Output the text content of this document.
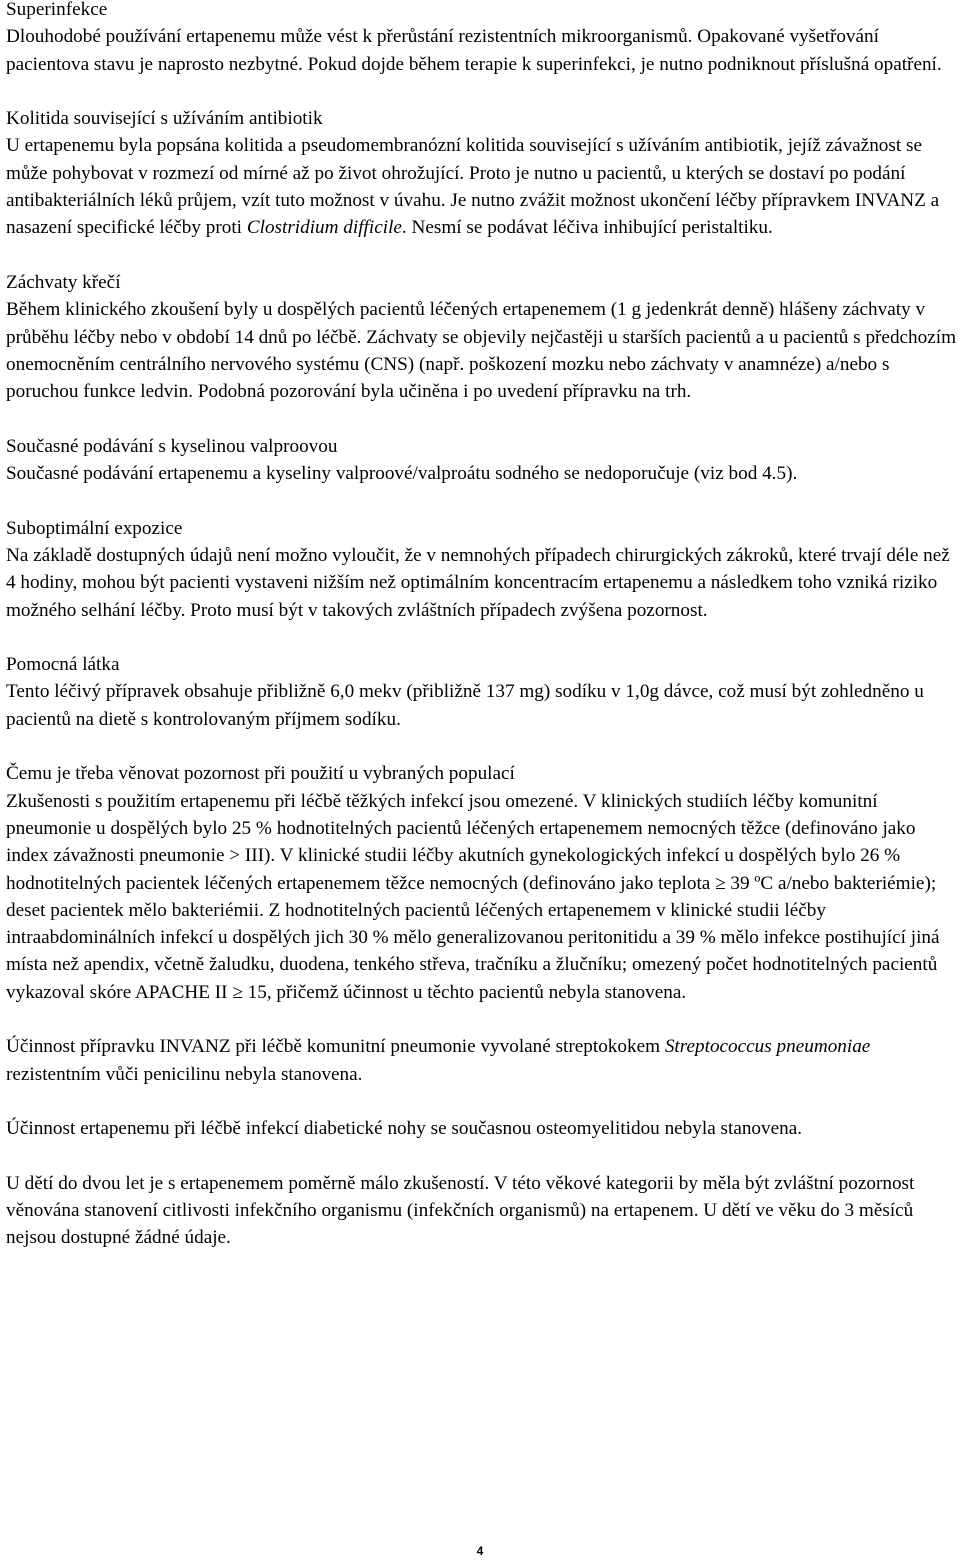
Superinfekce

Dlouhodobé používání ertapenemu může vést k přerůstání rezistentních mikroorganismů. Opakované vyšetřování pacientova stavu je naprosto nezbytné. Pokud dojde během terapie k superinfekci, je nutno podniknout příslušná opatření.

Kolitida související s užíváním antibiotik

U ertapenemu byla popsána kolitida a pseudomembranózní kolitida související s užíváním antibiotik, jejíž závažnost se může pohybovat v rozmezí od mírné až po život ohrožující. Proto je nutno u pacientů, u kterých se dostaví po podání antibakteriálních léků průjem, vzít tuto možnost v úvahu. Je nutno zvážit možnost ukončení léčby přípravkem INVANZ a nasazení specifické léčby proti Clostridium difficile. Nesmí se podávat léčiva inhibující peristaltiku.

Záchvaty křečí

Během klinického zkoušení byly u dospělých pacientů léčených ertapenemem (1 g jedenkrát denně) hlášeny záchvaty v průběhu léčby nebo v období 14 dnů po léčbě. Záchvaty se objevily nejčastěji u starších pacientů a u pacientů s předchozím onemocněním centrálního nervového systému (CNS) (např. poškození mozku nebo záchvaty v anamnéze) a/nebo s poruchou funkce ledvin. Podobná pozorování byla učiněna i po uvedení přípravku na trh.

Současné podávání s kyselinou valproovou

Současné podávání ertapenemu a kyseliny valproové/valproátu sodného se nedoporučuje (viz bod 4.5).

Suboptimální expozice

Na základě dostupných údajů není možno vyloučit, že v nemnohých případech chirurgických zákroků, které trvají déle než 4 hodiny, mohou být pacienti vystaveni nižším než optimálním koncentracím ertapenemu a následkem toho vzniká riziko možného selhání léčby. Proto musí být v takových zvláštních případech zvýšena pozornost.

Pomocná látka

Tento léčivý přípravek obsahuje přibližně 6,0 mekv (přibližně 137 mg) sodíku v 1,0g dávce, což musí být zohledněno u pacientů na dietě s kontrolovaným příjmem sodíku.

Čemu je třeba věnovat pozornost při použití u vybraných populací

Zkušenosti s použitím ertapenemu při léčbě těžkých infekcí jsou omezené. V klinických studiích léčby komunitní pneumonie u dospělých bylo 25 % hodnotitelných pacientů léčených ertapenemem nemocných těžce (definováno jako index závažnosti pneumonie > III). V klinické studii léčby akutních gynekologických infekcí u dospělých bylo 26 % hodnotitelných pacientek léčených ertapenemem těžce nemocných (definováno jako teplota ≥ 39 ºC a/nebo bakteriémie); deset pacientek mělo bakteriémii. Z hodnotitelných pacientů léčených ertapenemem v klinické studii léčby intraabdominálních infekcí u dospělých jich 30 % mělo generalizovanou peritonitidu a 39 % mělo infekce postihující jiná místa než apendix, včetně žaludku, duodena, tenkého střeva, tračníku a žlučníku; omezený počet hodnotitelných pacientů vykazoval skóre APACHE II ≥ 15, přičemž účinnost u těchto pacientů nebyla stanovena.

Účinnost přípravku INVANZ při léčbě komunitní pneumonie vyvolané streptokokem Streptococcus pneumoniae rezistentním vůči penicilinu nebyla stanovena.

Účinnost ertapenemu při léčbě infekcí diabetické nohy se současnou osteomyelitidou nebyla stanovena.

U dětí do dvou let je s ertapenemem poměrně málo zkušeností. V této věkové kategorii by měla být zvláštní pozornost věnována stanovení citlivosti infekčního organismu (infekčních organismů) na ertapenem. U dětí ve věku do 3 měsíců nejsou dostupné žádné údaje.

4
